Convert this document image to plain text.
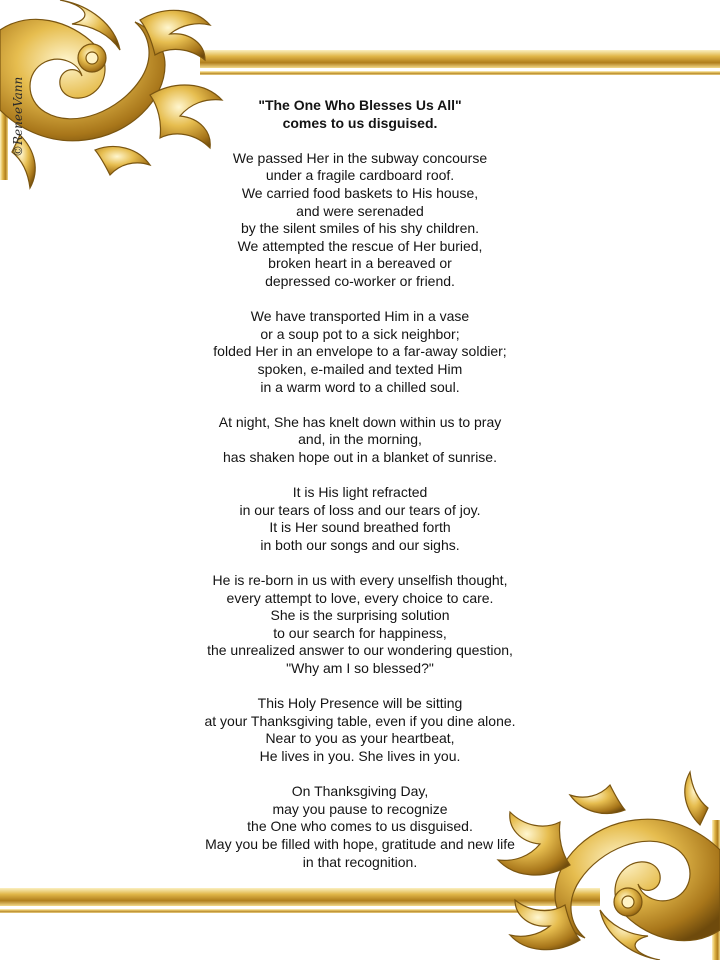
©ReneeVann	"The One Who Blesses Us All"
comes to us disguised.
We passed Her in the subway concourse
under a fragile cardboard roof.
We carried food baskets to His house,
and were serenaded
by the silent smiles of his shy children.
We attempted the rescue of Her buried,
broken heart in a bereaved or
depressed co-worker or friend.
We have transported Him in a vase
or a soup pot to a sick neighbor;
folded Her in an envelope to a far-away soldier;
spoken, e-mailed and texted Him
in a warm word to a chilled soul.
At night, She has knelt down within us to pray
and, in the morning,
has shaken hope out in a blanket of sunrise.
It is His light refracted
in our tears of loss and our tears of joy.
It is Her sound breathed forth
in both our songs and our sighs.
He is re-born in us with every unselfish thought,
every attempt to love, every choice to care.
She is the surprising solution
to our search for happiness,
the unrealized answer to our wondering question,
"Why am I so blessed?"
This Holy Presence will be sitting
at your Thanksgiving table, even if you dine alone.
Near to you as your heartbeat,
He lives in you. She lives in you.
On Thanksgiving Day,
may you pause to recognize
the One who comes to us disguised.
May you be filled with hope, gratitude and new life
in that recognition.
